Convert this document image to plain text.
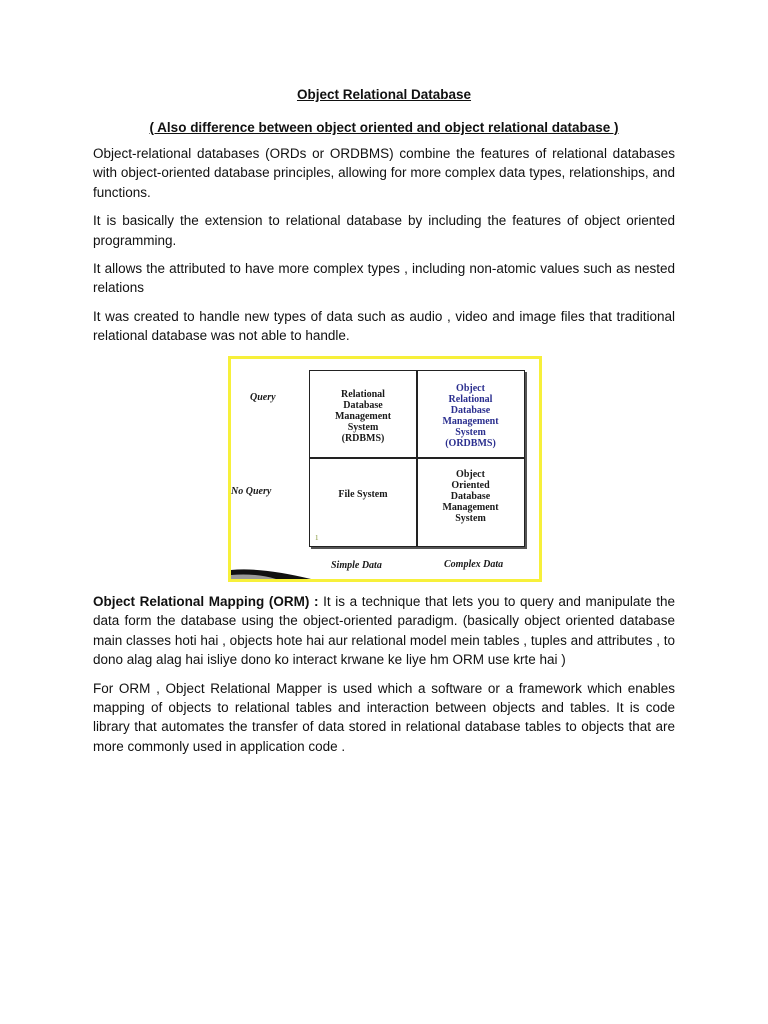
Object Relational Database
( Also difference between object oriented and object relational database )

Object-relational databases (ORDs or ORDBMS) combine the features of relational databases with object-oriented database principles, allowing for more complex data types, relationships, and functions.

It is basically the extension to relational database by including the features of object oriented programming.

It allows the attributed to have more complex types , including non-atomic values such as nested relations

It was created to handle new types of data such as audio , video and image files that traditional relational database was not able to handle.

Query
No Query
Relational
Database
Management
System
(RDBMS)
Object
Relational
Database
Management
System
(ORDBMS)
File System
Object
Oriented
Database
Management
System
1
Simple Data	Complex Data

Object Relational Mapping (ORM) : It is a technique that lets you to query and manipulate the data form the database using the object-oriented paradigm. (basically object oriented database main classes hoti hai , objects hote hai aur relational model mein tables , tuples and attributes , to dono alag alag hai isliye dono ko interact krwane ke liye hm ORM use krte hai )

For ORM , Object Relational Mapper is used which a software or a framework which enables mapping of objects to relational tables and interaction between objects and tables. It is code library that automates the transfer of data stored in relational database tables to objects that are more commonly used in application code .
